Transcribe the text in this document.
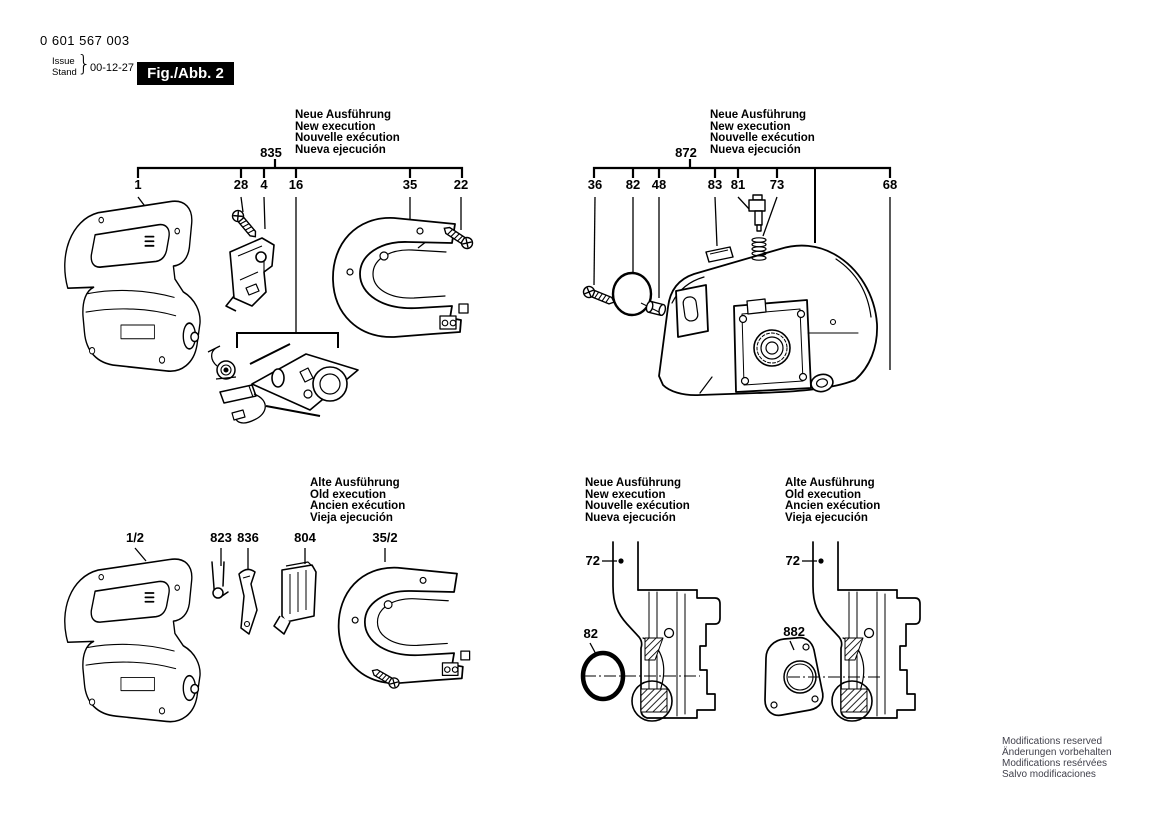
0 601 567 003
Issue
Stand } 00-12-27 Fig./Abb. 2
Neue Ausführung
New execution
Nouvelle exécution
Nueva ejecución
Neue Ausführung
New execution
Nouvelle exécution
Nueva ejecución
Alte Ausführung
Old execution
Ancien exécution
Vieja ejecución
Neue Ausführung
New execution
Nouvelle exécution
Nueva ejecución
Alte Ausführung
Old execution
Ancien exécution
Vieja ejecución
835	872
1	28 4 16	35	22	36 82 48	83 81 73	68
1/2	823 836	804	35/2
72
82
72
882
Modifications reserved
Änderungen vorbehalten
Modifications resérvées
Salvo modificaciones
